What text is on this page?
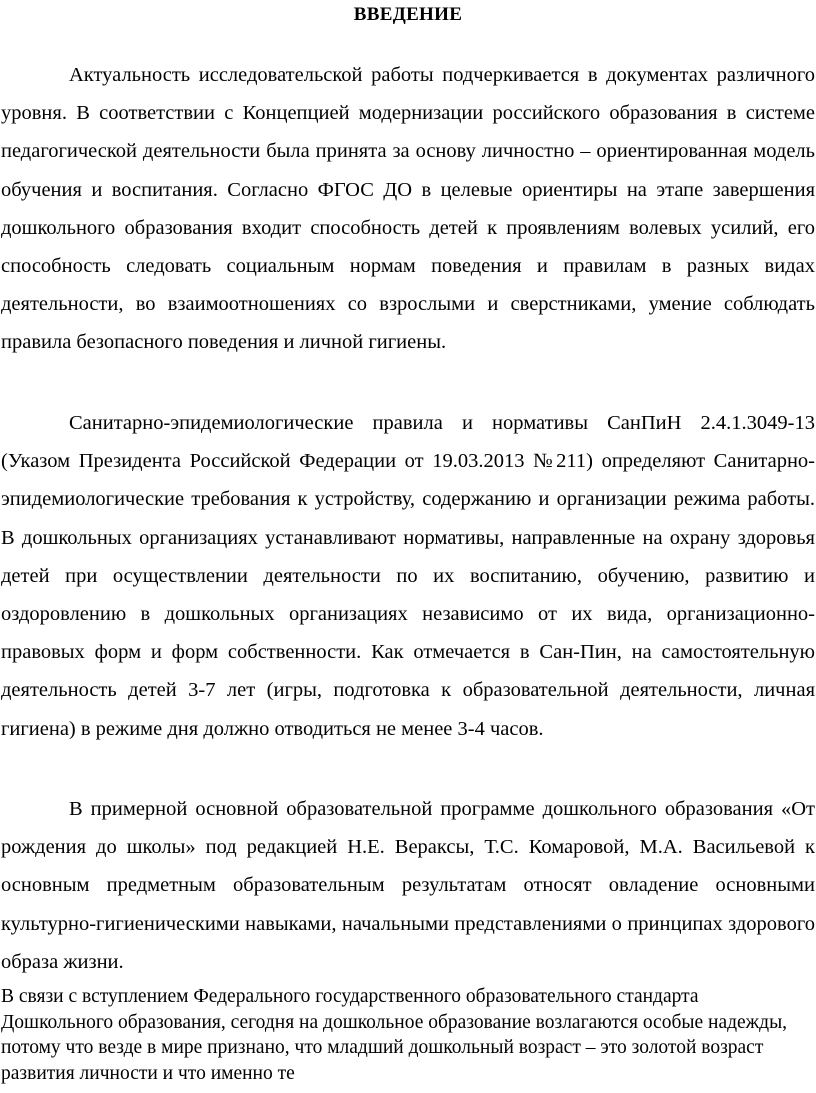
ВВЕДЕНИЕ

Актуальность исследовательской работы подчеркивается в документах различного уровня. В соответствии с Концепцией модернизации российского образования в системе педагогической деятельности была принята за основу личностно – ориентированная модель обучения и воспитания. Согласно ФГОС ДО в целевые ориентиры на этапе завершения дошкольного образования входит способность детей к проявлениям волевых усилий, его способность следовать социальным нормам поведения и правилам в разных видах деятельности, во взаимоотношениях со взрослыми и сверстниками, умение соблюдать правила безопасного поведения и личной гигиены.

Санитарно-эпидемиологические правила и нормативы СанПиН 2.4.1.3049-13 (Указом Президента Российской Федерации от 19.03.2013 №211) определяют Санитарно-эпидемиологические требования к устройству, содержанию и организации режима работы. В дошкольных организациях устанавливают нормативы, направленные на охрану здоровья детей при осуществлении деятельности по их воспитанию, обучению, развитию и оздоровлению в дошкольных организациях независимо от их вида, организационно-правовых форм и форм собственности. Как отмечается в Сан-Пин, на самостоятельную деятельность детей 3-7 лет (игры, подготовка к образовательной деятельности, личная гигиена) в режиме дня должно отводиться не менее 3-4 часов.

В примерной основной образовательной программе дошкольного образования «От рождения до школы» под редакцией Н.Е. Вераксы, Т.С. Комаровой, М.А. Васильевой к основным предметным образовательным результатам относят овладение основными культурно-гигиеническими навыками, начальными представлениями о принципах здорового образа жизни.

В связи с вступлением Федерального государственного образовательного стандарта Дошкольного образования, сегодня на дошкольное образование возлагаются особые надежды, потому что везде в мире признано, что младший дошкольный возраст – это золотой возраст развития личности и что именно те
